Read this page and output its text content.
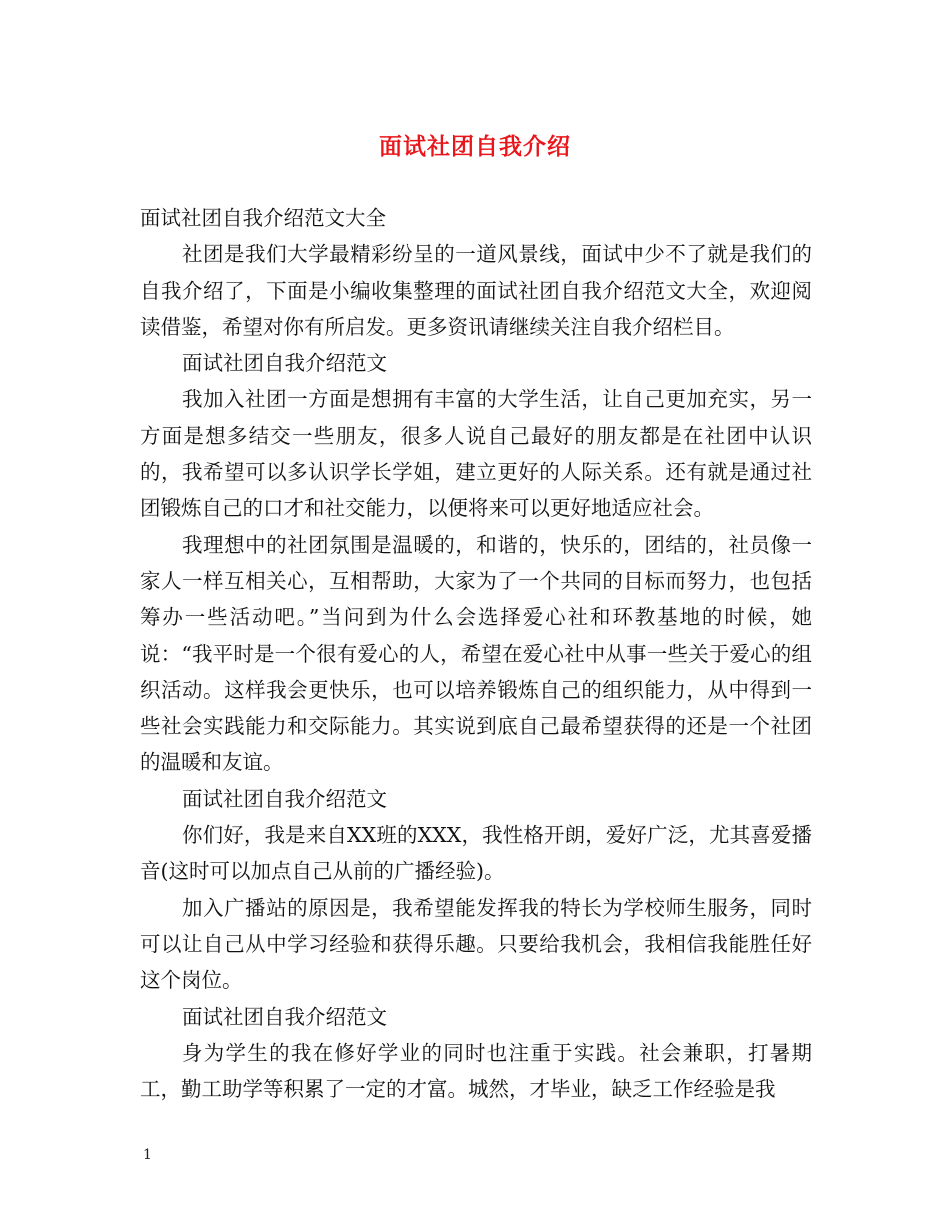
面试社团自我介绍

面试社团自我介绍范文大全

社团是我们大学最精彩纷呈的一道风景线，面试中少不了就是我们的自我介绍了，下面是小编收集整理的面试社团自我介绍范文大全，欢迎阅读借鉴，希望对你有所启发。更多资讯请继续关注自我介绍栏目。

面试社团自我介绍范文

我加入社团一方面是想拥有丰富的大学生活，让自己更加充实，另一方面是想多结交一些朋友，很多人说自己最好的朋友都是在社团中认识的，我希望可以多认识学长学姐，建立更好的人际关系。还有就是通过社团锻炼自己的口才和社交能力，以便将来可以更好地适应社会。

我理想中的社团氛围是温暖的，和谐的，快乐的，团结的，社员像一家人一样互相关心，互相帮助，大家为了一个共同的目标而努力，也包括筹办一些活动吧。”当问到为什么会选择爱心社和环教基地的时候，她说：“我平时是一个很有爱心的人，希望在爱心社中从事一些关于爱心的组织活动。这样我会更快乐，也可以培养锻炼自己的组织能力，从中得到一些社会实践能力和交际能力。其实说到底自己最希望获得的还是一个社团的温暖和友谊。

面试社团自我介绍范文

你们好，我是来自XX班的XXX，我性格开朗，爱好广泛，尤其喜爱播音(这时可以加点自己从前的广播经验)。

加入广播站的原因是，我希望能发挥我的特长为学校师生服务，同时可以让自己从中学习经验和获得乐趣。只要给我机会，我相信我能胜任好这个岗位。

面试社团自我介绍范文

身为学生的我在修好学业的同时也注重于实践。社会兼职，打暑期工，勤工助学等积累了一定的才富。城然，才毕业，缺乏工作经验是我

1
